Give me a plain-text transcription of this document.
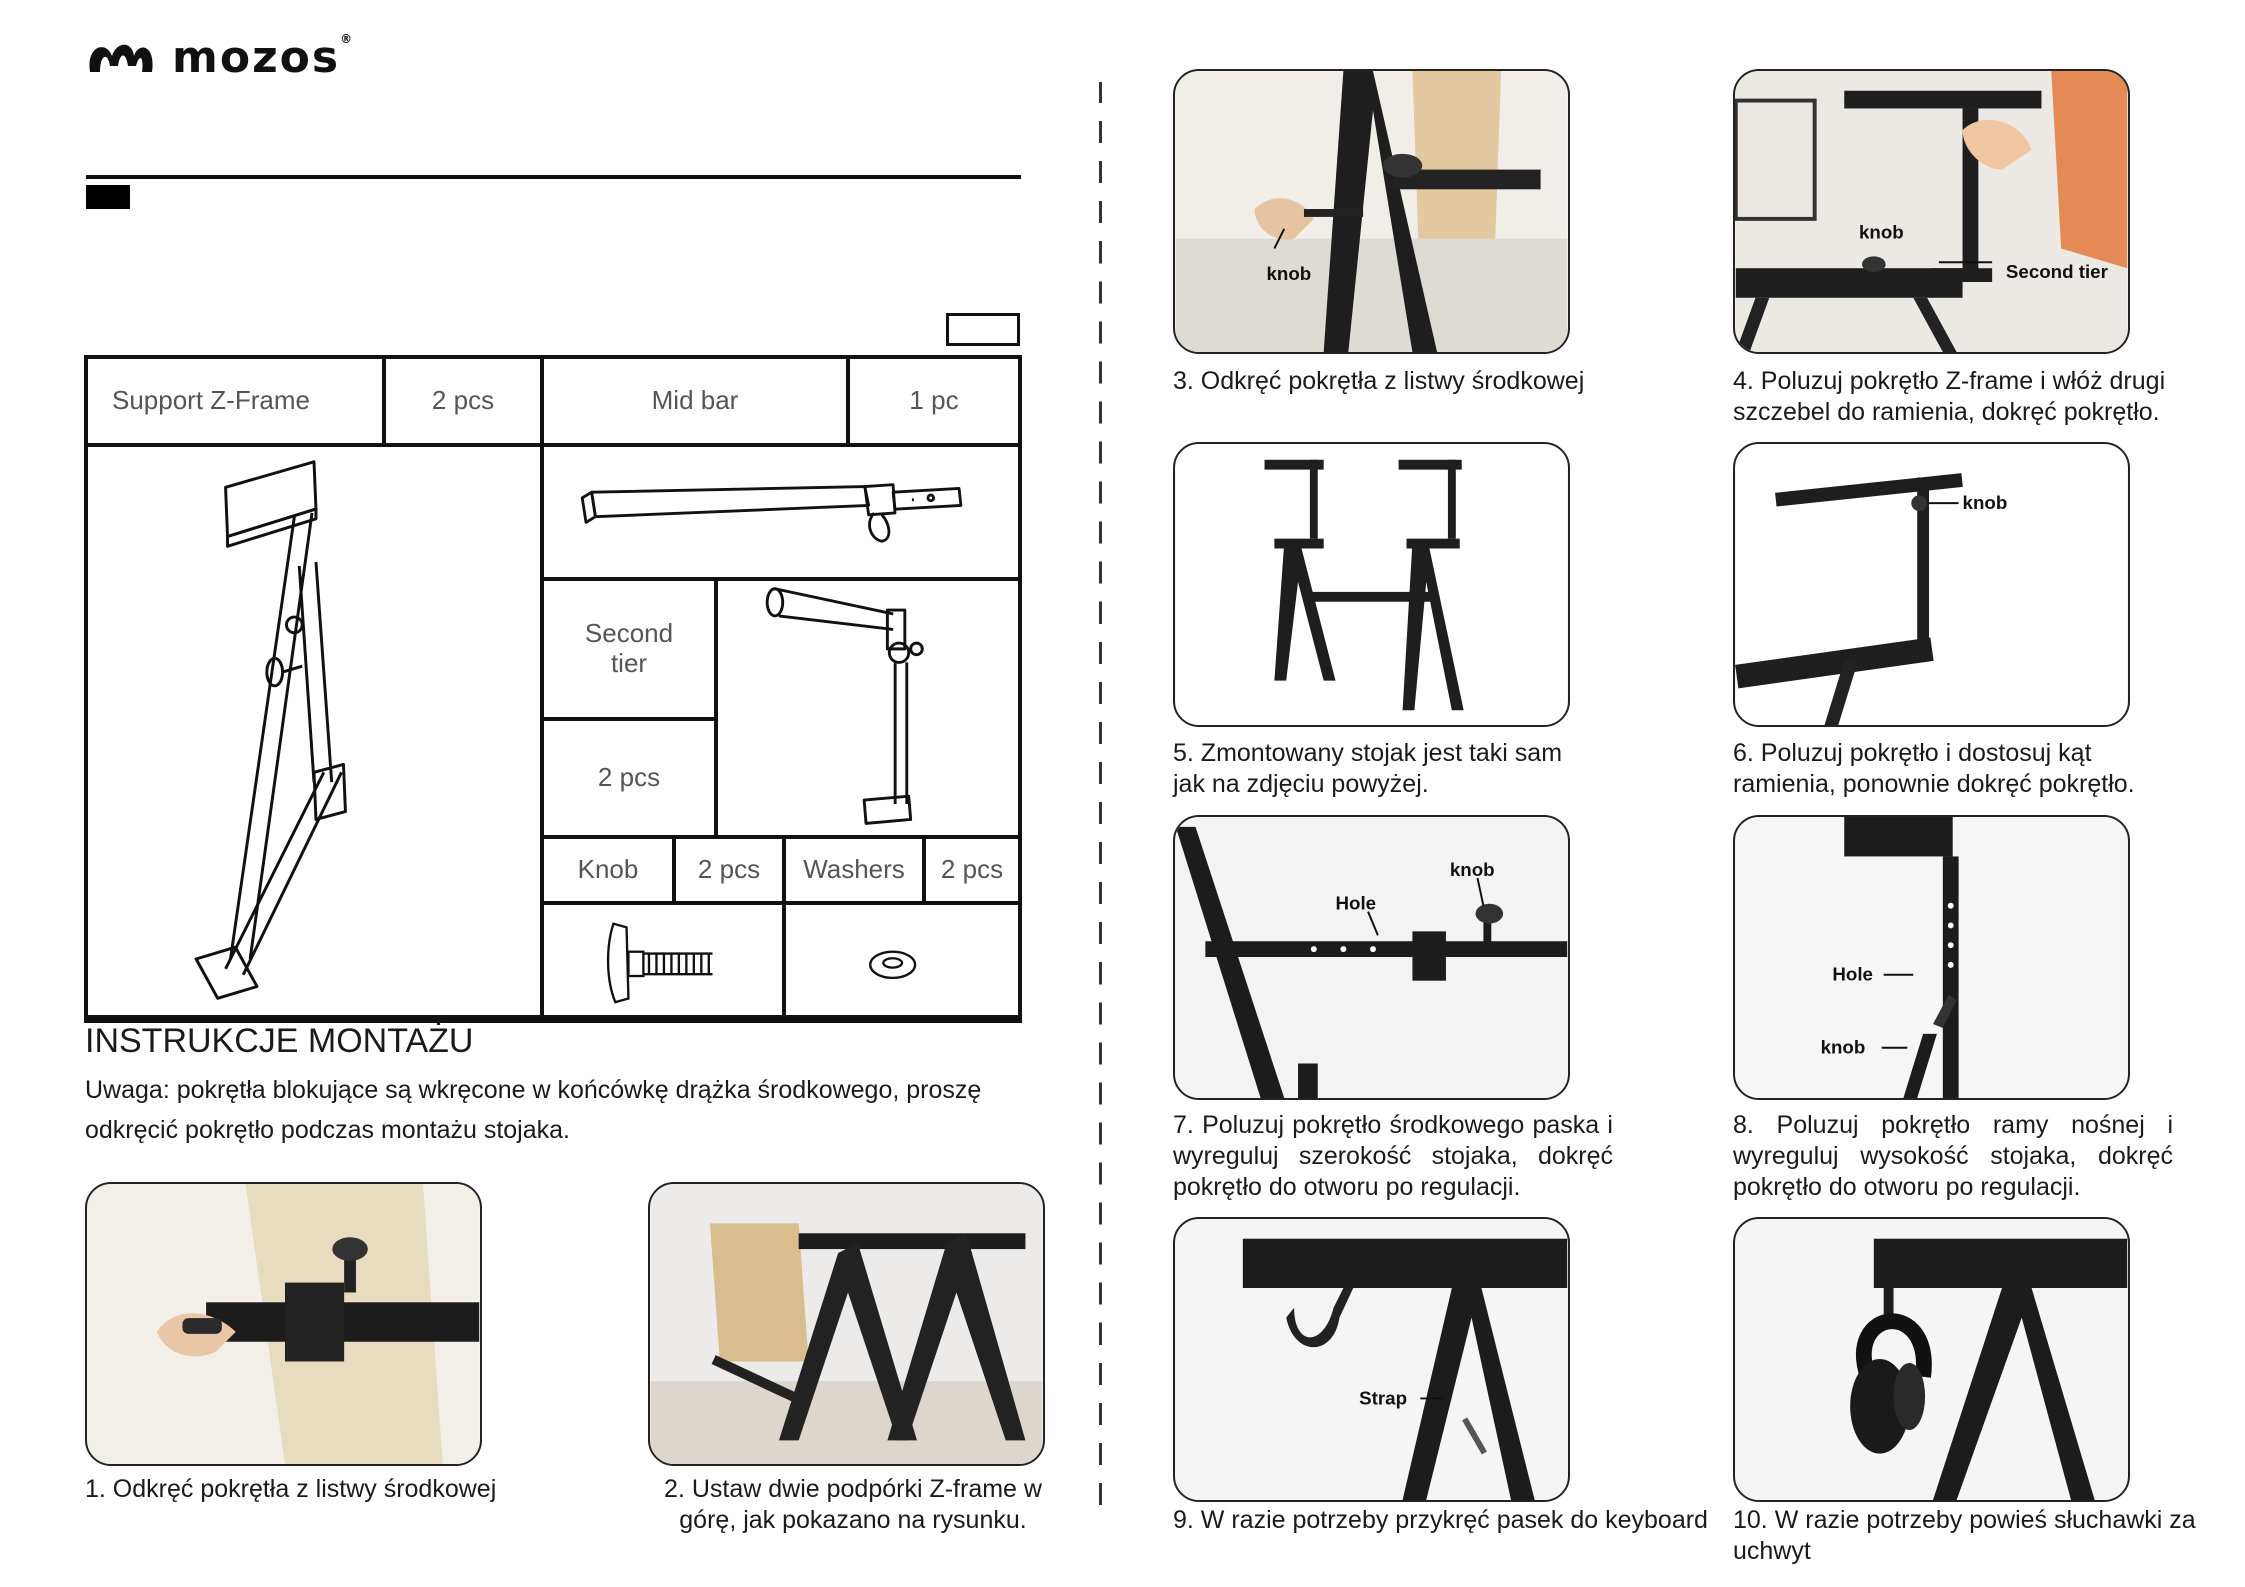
mozos®
Support Z-Frame	2 pcs	Mid bar	1 pc
Second
tier
2 pcs
Knob 2 pcs Washers 2 pcs
INSTRUKCJE MONTAŻU
Uwaga: pokrętła blokujące są wkręcone w końcówkę drążka środkowego, proszę odkręcić pokrętło podczas montażu stojaka.
1. Odkręć pokrętła z listwy środkowej	2. Ustaw dwie podpórki Z-frame w górę, jak pokazano na rysunku.
knob
3. Odkręć pokrętła z listwy środkowej
knob
Second tier
4. Poluzuj pokrętło Z-frame i włóż drugi szczebel do ramienia, dokręć pokrętło.
5. Zmontowany stojak jest taki sam jak na zdjęciu powyżej.
knob
6. Poluzuj pokrętło i dostosuj kąt ramienia, ponownie dokręć pokrętło.
Hole
knob
7. Poluzuj pokrętło środkowego paska i wyreguluj szerokość stojaka, dokręć pokrętło do otworu po regulacji.
Hole
knob
8. Poluzuj pokrętło ramy nośnej i wyreguluj wysokość stojaka, dokręć pokrętło do otworu po regulacji.
Strap
9. W razie potrzeby przykręć pasek do keyboard	10. W razie potrzeby powieś słuchawki za uchwyt
